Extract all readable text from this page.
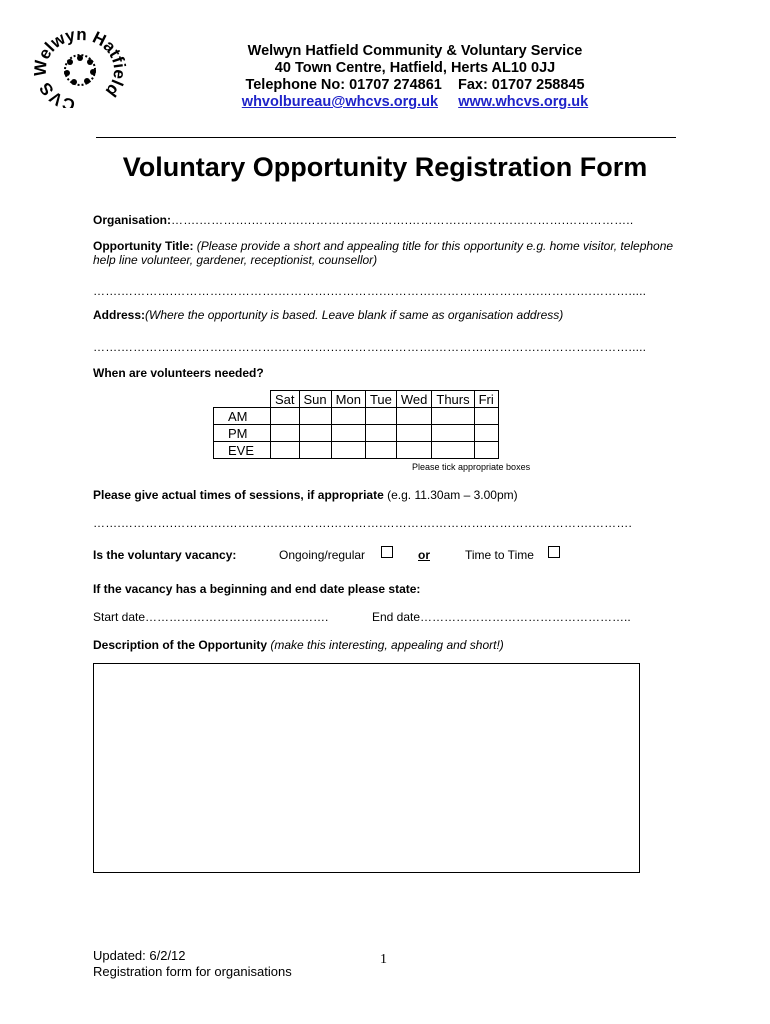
CVS Welwyn Hatfield
Welwyn Hatfield Community & Voluntary Service
40 Town Centre, Hatfield, Herts AL10 0JJ
Telephone No: 01707 274861 Fax: 01707 258845
whvolbureau@whcvs.org.uk www.whcvs.org.uk
Voluntary Opportunity Registration Form
Organisation:…….………….………….………….………….………….………….………….……………..
Opportunity Title: (Please provide a short and appealing title for this opportunity e.g. home visitor, telephone help line volunteer, gardener, receptionist, counsellor)
…….………….………….………….………….………….………….………….………….………….……….....
Address:(Where the opportunity is based. Leave blank if same as organisation address)
…….………….………….………….………….………….………….………….………….………….……….....
When are volunteers needed?
	Sat	Sun	Mon	Tue	Wed	Thurs	Fri
AM							
PM							
EVE							
Please tick appropriate boxes
Please give actual times of sessions, if appropriate (e.g. 11.30am – 3.00pm)
…….………….………….………….………….………….………….………….………….………….……….
Is the voluntary vacancy:	Ongoing/regular	or	Time to Time
If the vacancy has a beginning and end date please state:
Start date……………………………………….	End date……………………………………………..
Description of the Opportunity (make this interesting, appealing and short!)
Updated: 6/2/12
Registration form for organisations
1
